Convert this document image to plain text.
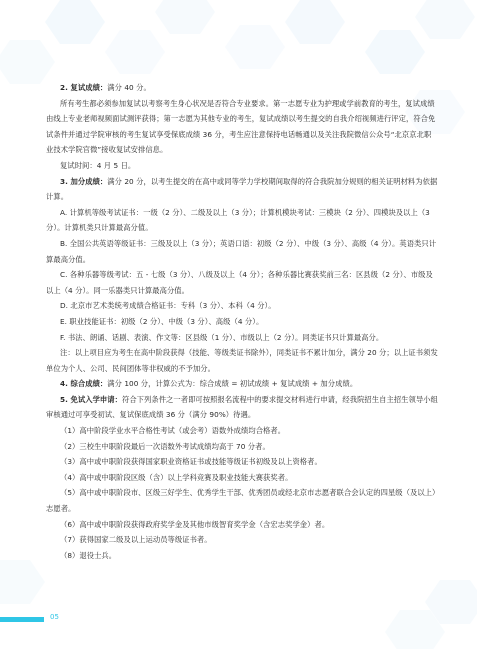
2. 复试成绩：满分 40 分。

所有考生都必须参加复试以考察考生身心状况是否符合专业要求。第一志愿专业为护理或学前教育的考生，复试成绩由线上专业老师视频面试测评获得；第一志愿为其他专业的考生，复试成绩以考生提交的自我介绍视频进行评定，符合免试条件并通过学院审核的考生复试享受保底成绩 36 分，考生应注意保持电话畅通以及关注我院微信公众号“北京京北职业技术学院官微”接收复试安排信息。

复试时间：4 月 5 日。

3. 加分成绩：满分 20 分，以考生提交的在高中或同等学力学校期间取得的符合我院加分规则的相关证明材料为依据计算。

A. 计算机等级考试证书：一级（2 分）、二级及以上（3 分）；计算机模块考试：三模块（2 分）、四模块及以上（3 分）。计算机类只计算最高分值。

B. 全国公共英语等级证书：三级及以上（3 分）；英语口语：初级（2 分）、中级（3 分）、高级（4 分）。英语类只计算最高分值。

C. 各种乐器等级考试：五 - 七级（3 分）、八级及以上（4 分）；各种乐器比赛获奖前三名：区县级（2 分）、市级及以上（4 分）。同一乐器类只计算最高分值。

D. 北京市艺术类统考成绩合格证书：专科（3 分）、本科（4 分）。

E. 职业技能证书：初级（2 分）、中级（3 分）、高级（4 分）。

F. 书法、朗诵、话剧、表演、作文等：区县级（1 分）、市级以上（2 分）。同类证书只计算最高分。

注：以上项目应为考生在高中阶段获得（技能、等级类证书除外），同类证书不累计加分，满分 20 分；以上证书须发单位为个人、公司、民间团体等非权威的不予加分。

4. 综合成绩：满分 100 分，计算公式为：综合成绩 = 初试成绩 + 复试成绩 + 加分成绩。

5. 免试入学申请：符合下列条件之一者即可按照报名流程中的要求提交材料进行申请，经我院招生自主招生领导小组审核通过可享受初试、复试保底成绩 36 分（满分 90%）待遇。

（1）高中阶段学业水平合格性考试（或会考）语数外成绩均合格者。

（2）三校生中职阶段最后一次语数外考试成绩均高于 70 分者。

（3）高中或中职阶段获得国家职业资格证书或技能等级证书初级及以上资格者。

（4）高中或中职阶段区级（含）以上学科竞赛及职业技能大赛获奖者。

（5）高中或中职阶段市、区级三好学生、优秀学生干部、优秀团员或经北京市志愿者联合会认定的四星级（及以上）志愿者。

（6）高中或中职阶段获得政府奖学金及其他市级智育奖学金（含宏志奖学金）者。

（7）获得国家二级及以上运动员等级证书者。

（8）退役士兵。

05
